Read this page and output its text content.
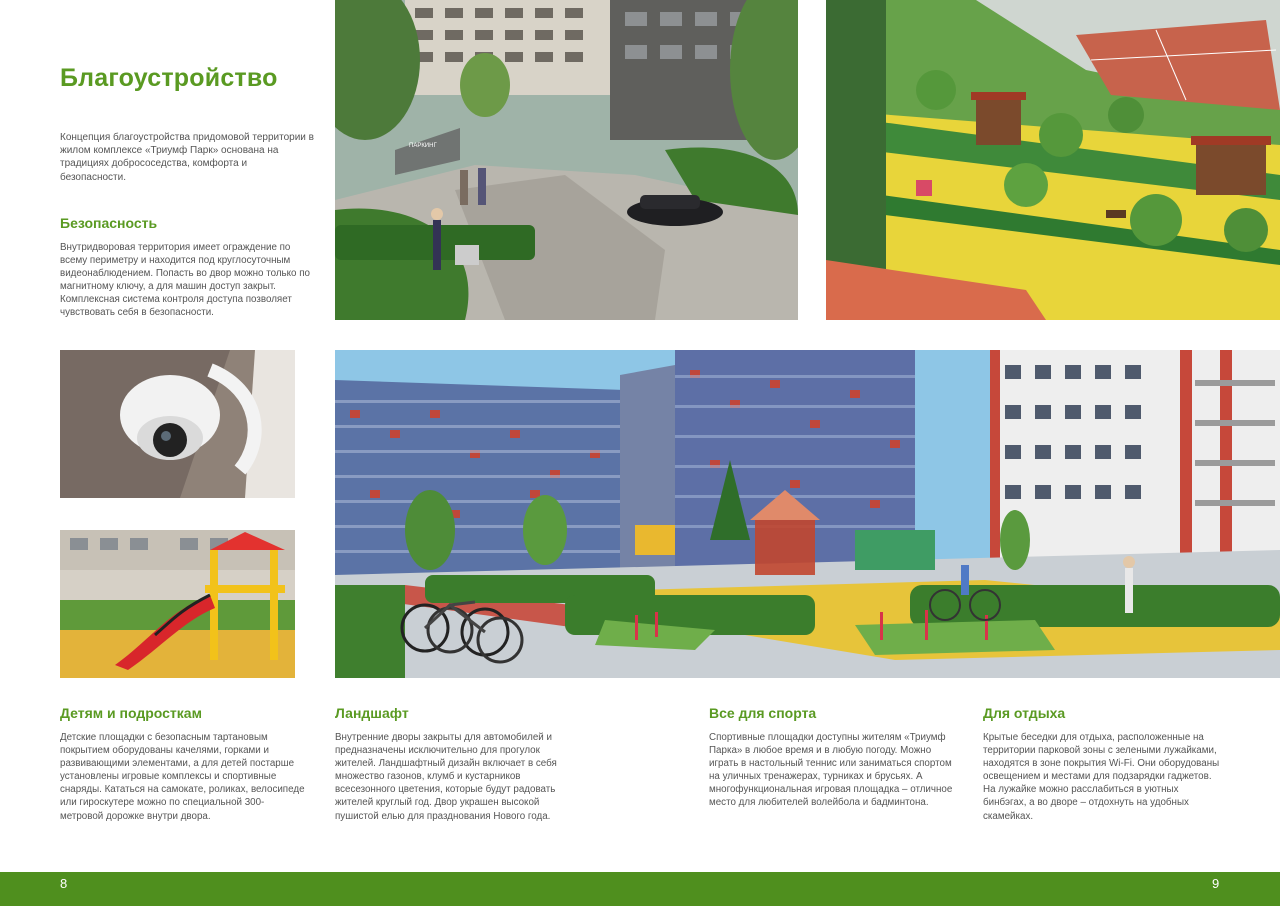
Благоустройство
Концепция благоустройства придомовой территории в жилом комплексе «Триумф Парк» основана на традициях добрососедства, комфорта и безопасности.
Безопасность
Внутридворовая территория имеет ограждение по всему периметру и находится под круглосуточным видеонаблюдением. Попасть во двор можно только по магнитному ключу, а для машин доступ закрыт. Комплексная система контроля доступа позволяет чувствовать себя в безопасности.
ПАРКИНГ
Детям и подросткам
Детские площадки с безопасным тартановым покрытием оборудованы качелями, горками и развивающими элементами, а для детей постарше установлены игровые комплексы и спортивные снаряды. Кататься на самокате, роликах, велосипеде или гироскутере можно по специальной 300-метровой дорожке внутри двора.
Ландшафт
Внутренние дворы закрыты для автомобилей и предназначены исключительно для прогулок жителей. Ландшафтный дизайн включает в себя множество газонов, клумб и кустарников всесезонного цветения, которые будут радовать жителей круглый год. Двор украшен высокой пушистой елью для празднования Нового года.
Все для спорта
Спортивные площадки доступны жителям «Триумф Парка» в любое время и в любую погоду. Можно играть в настольный теннис или заниматься спортом на уличных тренажерах, турниках и брусьях. А многофункциональная игровая площадка – отличное место для любителей волейбола и бадминтона.
Для отдыха
Крытые беседки для отдыха, расположенные на территории парковой зоны с зелеными лужайками, находятся в зоне покрытия Wi-Fi. Они оборудованы освещением и местами для подзарядки гаджетов. На лужайке можно расслабиться в уютных бинбэгах, а во дворе – отдохнуть на удобных скамейках.
8	9
